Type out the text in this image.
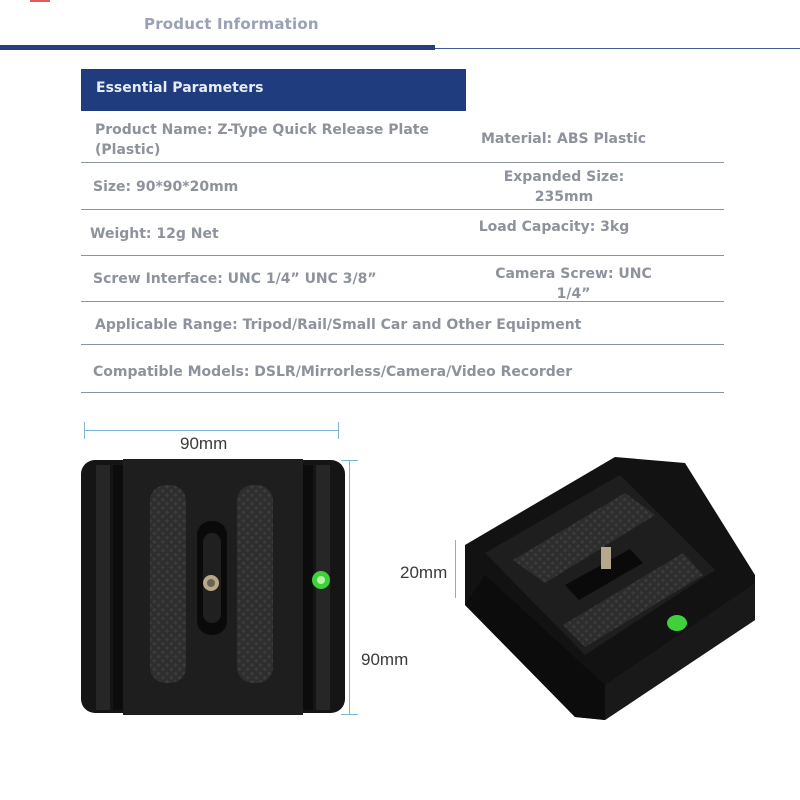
Product Information
Essential Parameters
Product Name: Z-Type Quick Release Plate (Plastic)
Material: ABS Plastic
Size: 90*90*20mm
Expanded Size: 235mm
Weight: 12g Net	Load Capacity: 3kg
Screw Interface: UNC 1/4” UNC 3/8”	Camera Screw: UNC 1/4”
Applicable Range: Tripod/Rail/Small Car and Other Equipment
Compatible Models: DSLR/Mirrorless/Camera/Video Recorder
90mm
90mm
20mm
